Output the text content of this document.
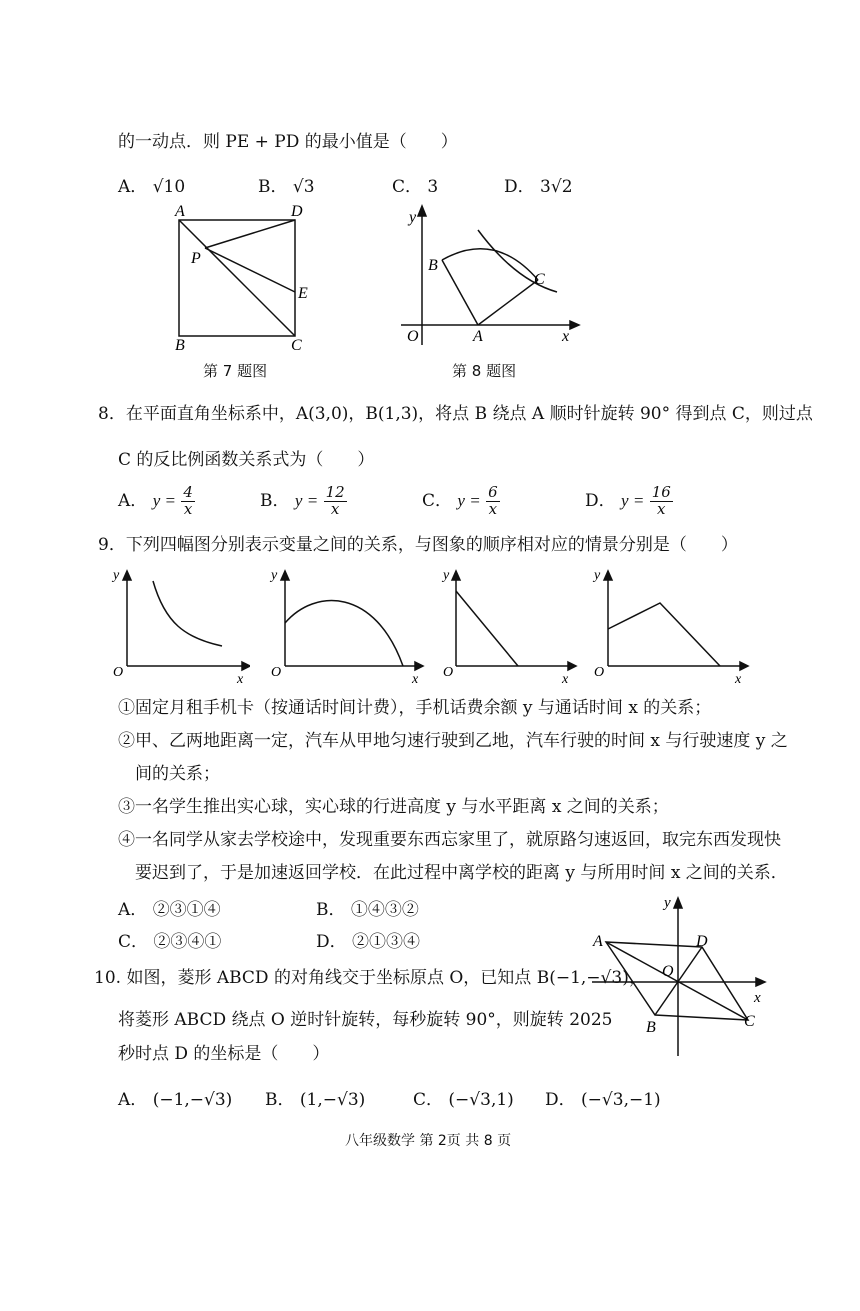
的一动点．则 PE + PD 的最小值是（　　）
A． √10	B． √3	C． 3	D． 3√2
A	D
P
E
B	C
第 7 题图
y
B
C
O	A	x
第 8 题图
8．在平面直角坐标系中，A(3,0)，B(1,3)，将点 B 绕点 A 顺时针旋转 90° 得到点 C，则过点
C 的反比例函数关系式为（　　）
A． $y = \frac{4}{x}$	B． $y = \frac{12}{x}$	C． $y = \frac{6}{x}$	D． $y = \frac{16}{x}$
9．下列四幅图分别表示变量之间的关系，与图象的顺序相对应的情景分别是（　　）
y
O	x
y
O	x
y
O	x
y
O	x
①固定月租手机卡（按通话时间计费），手机话费余额 y 与通话时间 x 的关系；
②甲、乙两地距离一定，汽车从甲地匀速行驶到乙地，汽车行驶的时间 x 与行驶速度 y 之
间的关系；
③一名学生推出实心球，实心球的行进高度 y 与水平距离 x 之间的关系；
④一名同学从家去学校途中，发现重要东西忘家里了，就原路匀速返回，取完东西发现快
要迟到了，于是加速返回学校．在此过程中离学校的距离 y 与所用时间 x 之间的关系．
A． ②③①④	B． ①④③②
C． ②③④①	D． ②①③④
y
A	D
O
x
B	C
10. 如图，菱形 ABCD 的对角线交于坐标原点 O，已知点 B(−1,−√3)，
将菱形 ABCD 绕点 O 逆时针旋转，每秒旋转 90°，则旋转 2025
秒时点 D 的坐标是（　　）
A． (−1,−√3) B． (1,−√3)	C． (−√3,1) D． (−√3,−1)
八年级数学 第 2页 共 8 页
